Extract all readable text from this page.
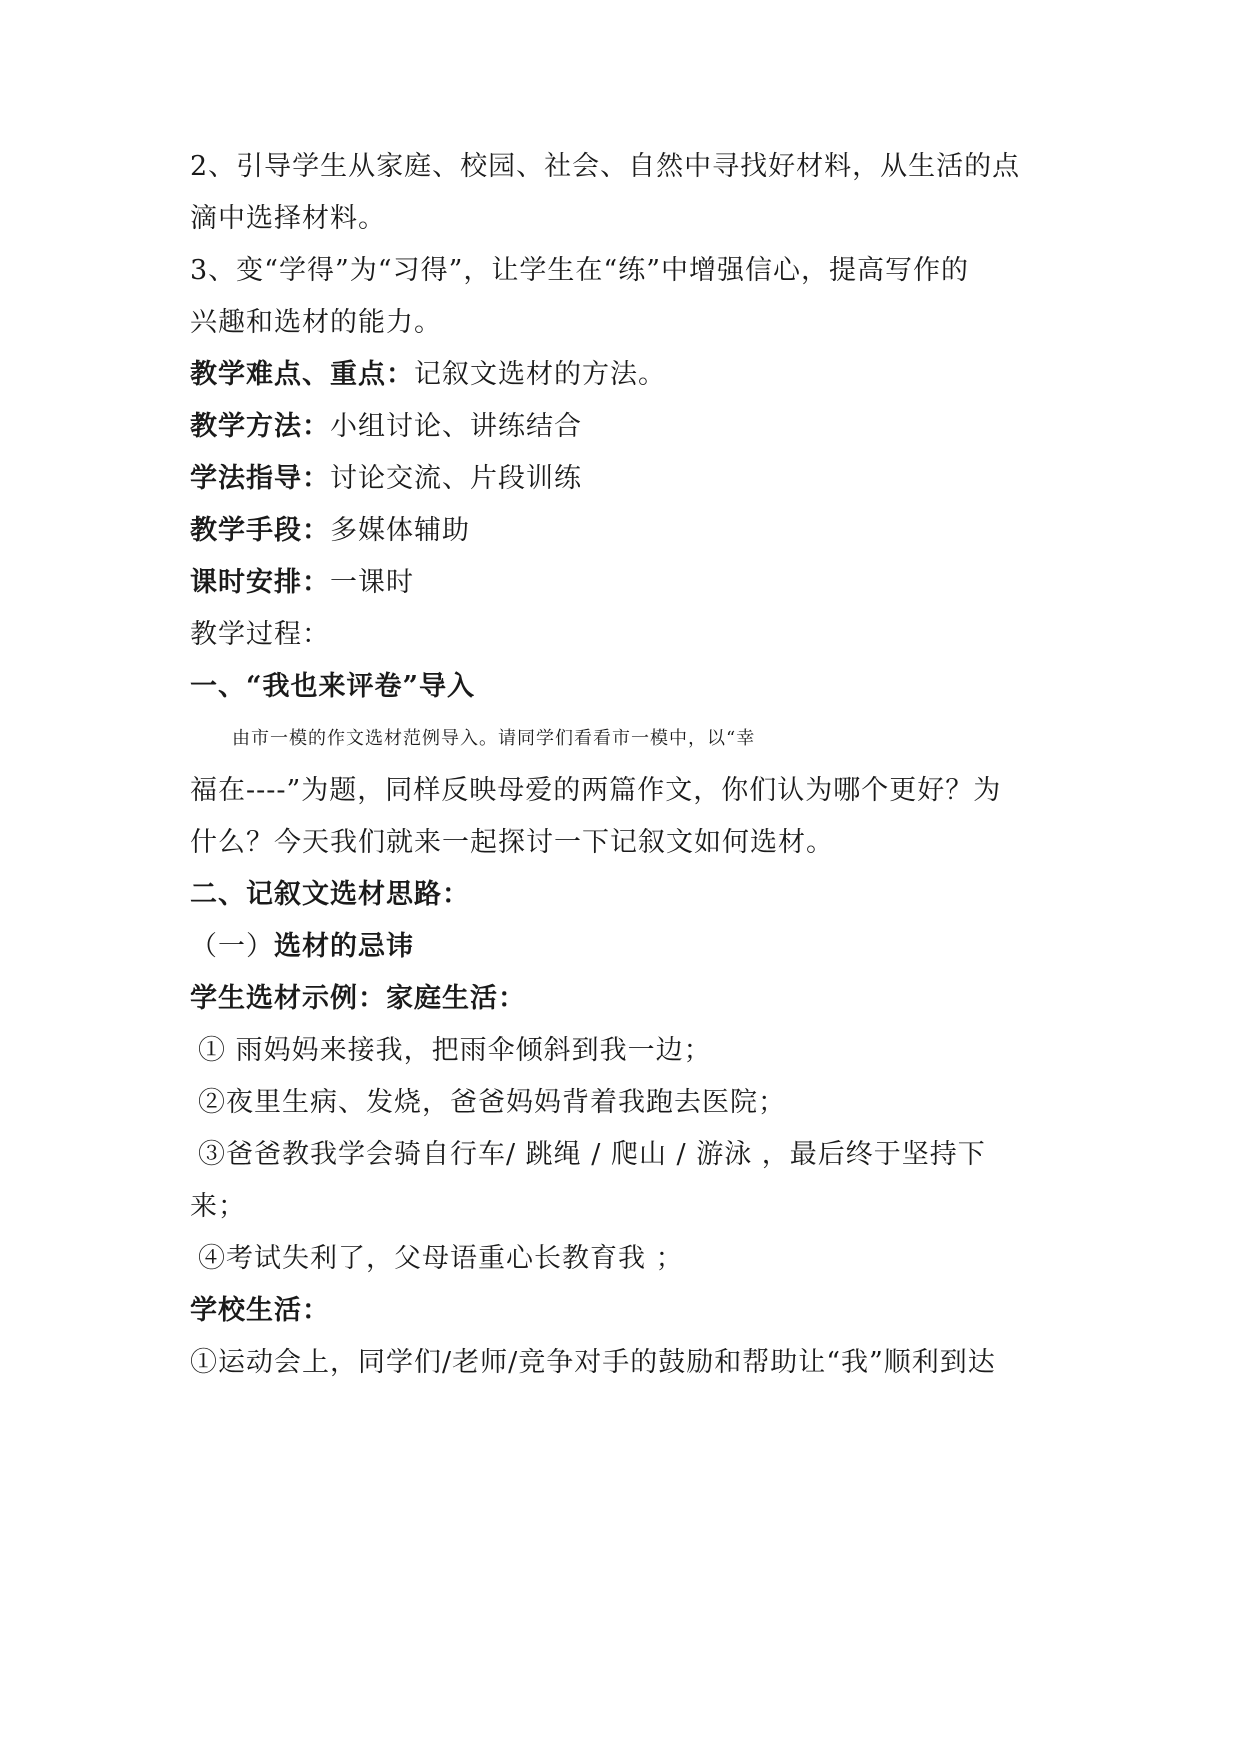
2、引导学生从家庭、校园、社会、自然中寻找好材料，从生活的点
滴中选择材料。
3、变“学得”为“习得”，让学生在“练”中增强信心，提高写作的
兴趣和选材的能力。
教学难点、重点：记叙文选材的方法。
教学方法：小组讨论、讲练结合
学法指导：讨论交流、片段训练
教学手段：多媒体辅助
课时安排：一课时
教学过程：
一、“我也来评卷”导入
由市一模的作文选材范例导入。请同学们看看市一模中，以“幸
福在----”为题，同样反映母爱的两篇作文，你们认为哪个更好？为
什么？今天我们就来一起探讨一下记叙文如何选材。
二、记叙文选材思路：
（一）选材的忌讳
学生选材示例：家庭生活：
① 雨妈妈来接我，把雨伞倾斜到我一边；
②夜里生病、发烧，爸爸妈妈背着我跑去医院；
③爸爸教我学会骑自行车/ 跳绳 / 爬山 / 游泳 ，最后终于坚持下
来；
④考试失利了，父母语重心长教育我 ；
学校生活：
①运动会上，同学们/老师/竞争对手的鼓励和帮助让“我”顺利到达
